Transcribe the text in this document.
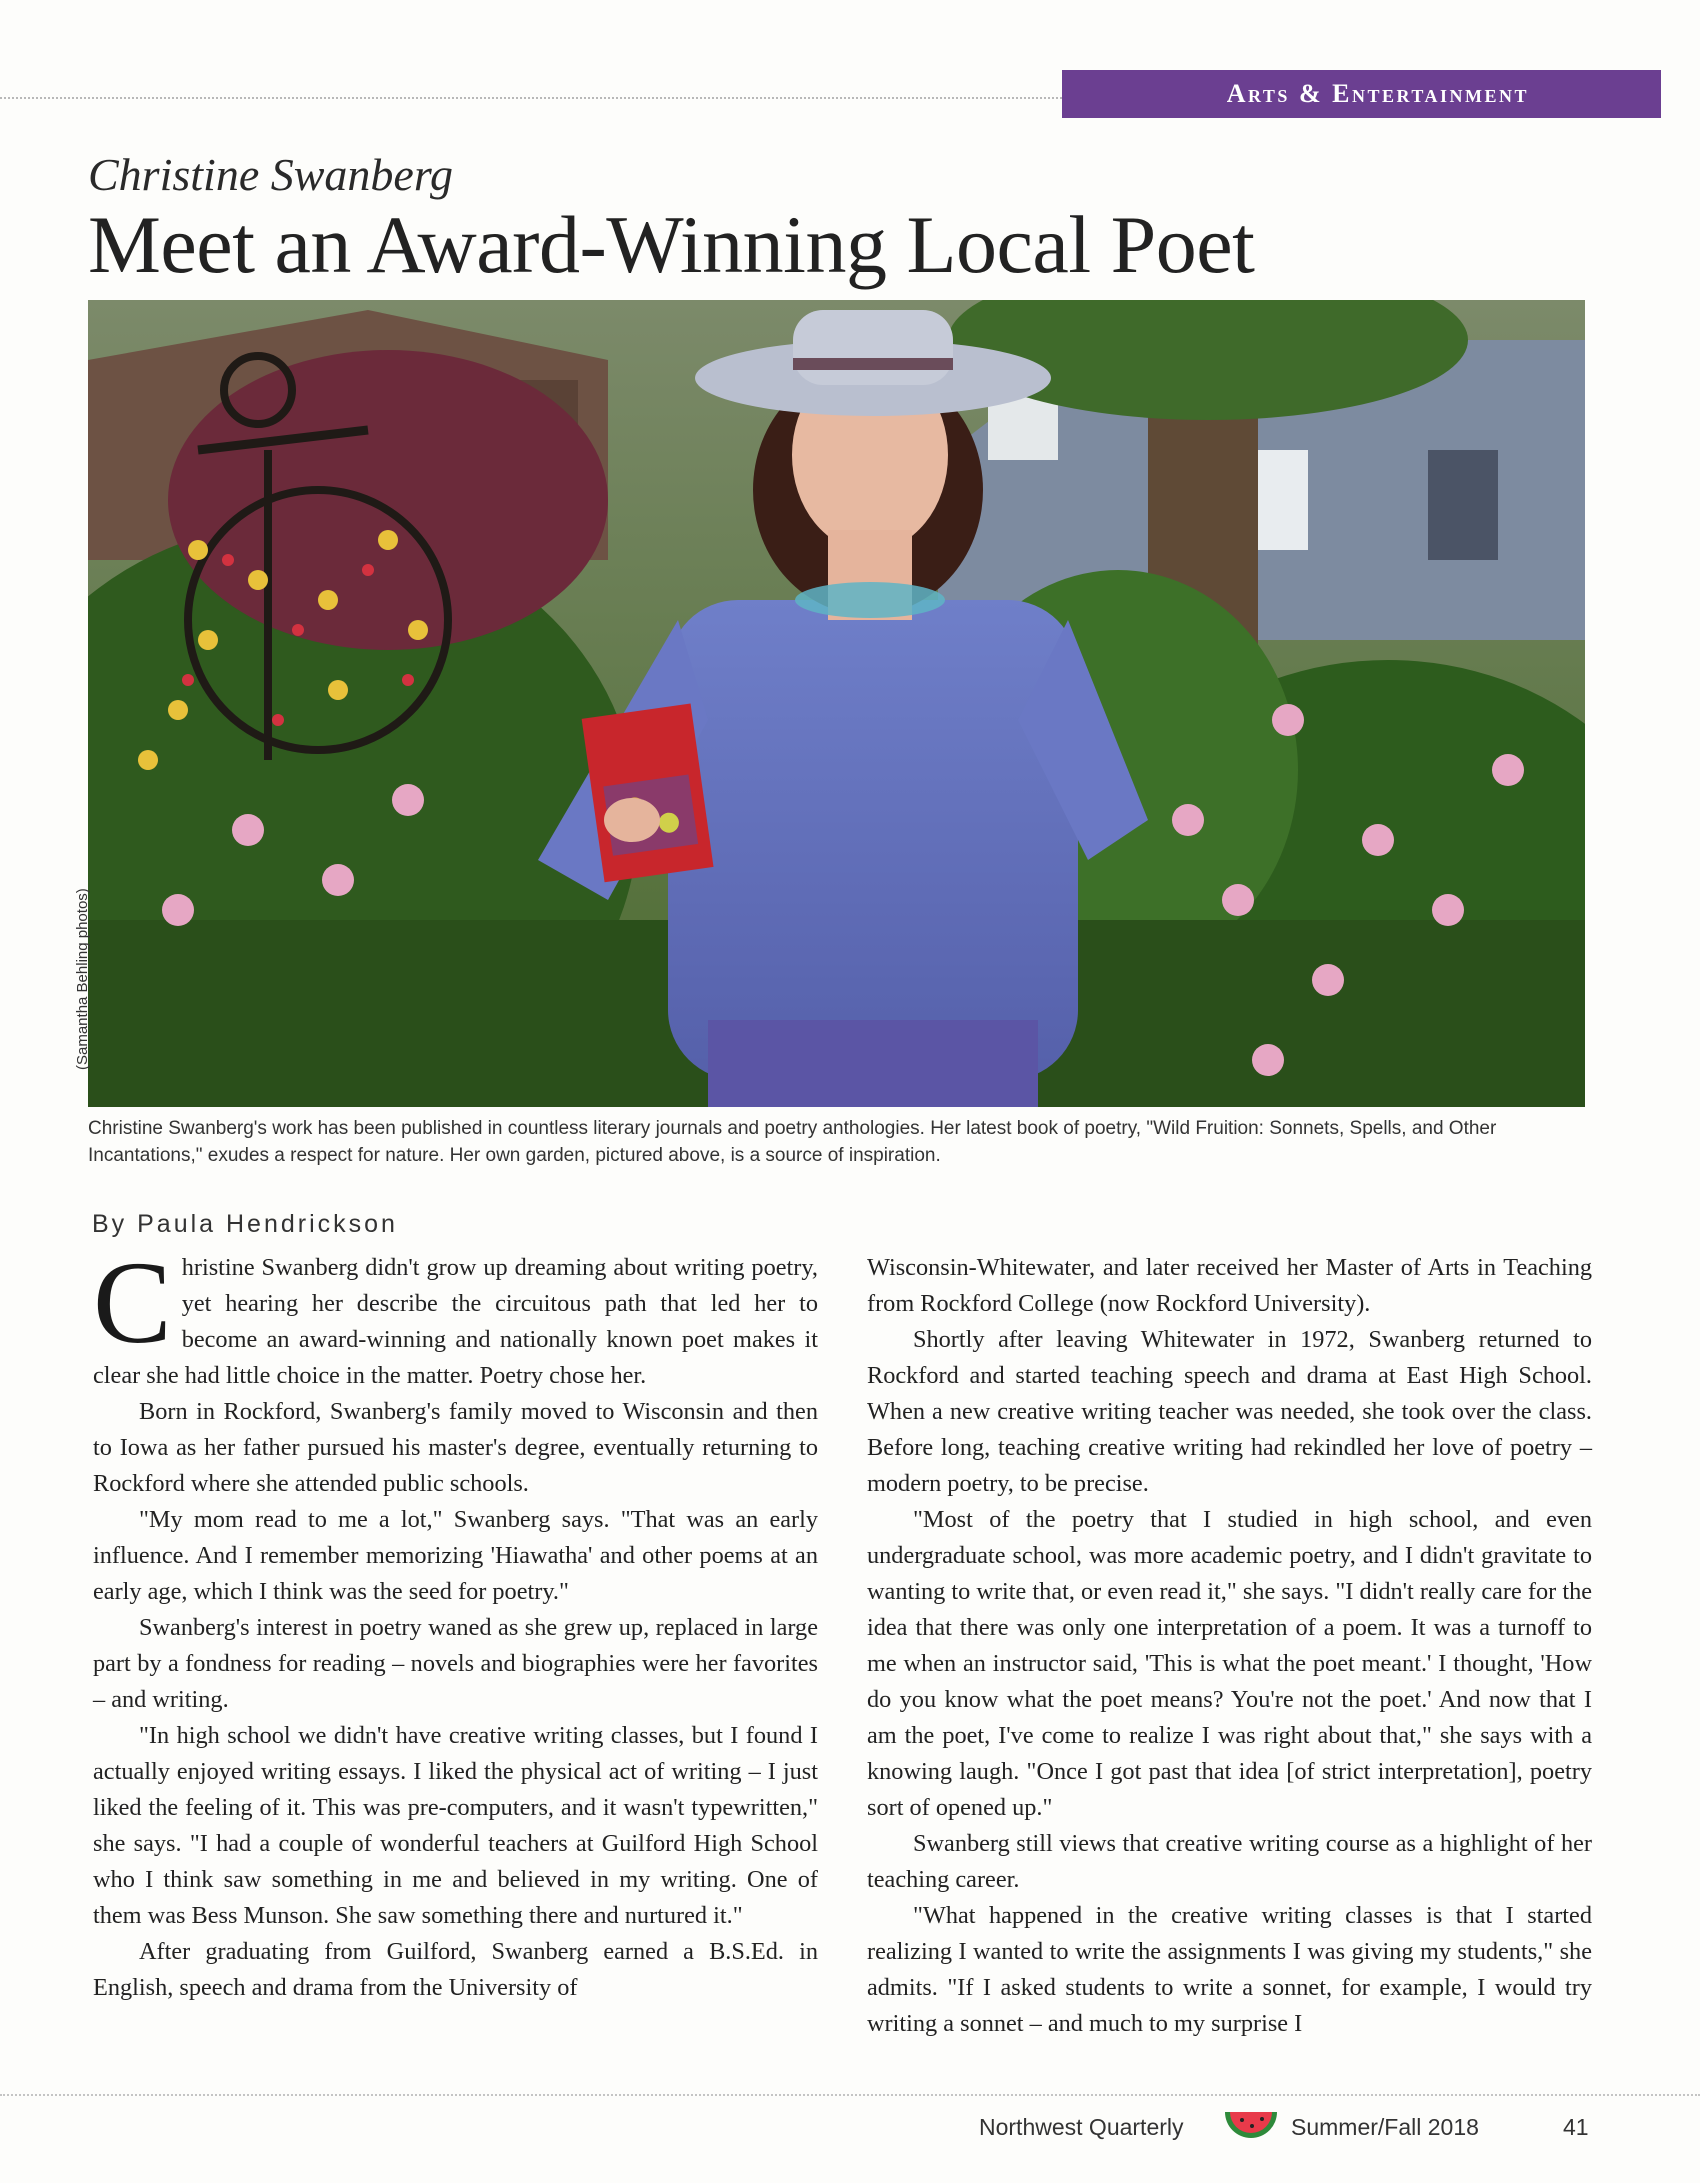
Arts & Entertainment
Christine Swanberg
Meet an Award-Winning Local Poet
(Samantha Behling photos)
Christine Swanberg's work has been published in countless literary journals and poetry anthologies. Her latest book of poetry, "Wild Fruition: Sonnets, Spells, and Other Incantations," exudes a respect for nature. Her own garden, pictured above, is a source of inspiration.
By Paula Hendrickson

Christine Swanberg didn't grow up dreaming about writing poetry, yet hearing her describe the circuitous path that led her to become an award-winning and nationally known poet makes it clear she had little choice in the matter. Poetry chose her.

Born in Rockford, Swanberg's family moved to Wisconsin and then to Iowa as her father pursued his master's degree, eventually returning to Rockford where she attended public schools.

"My mom read to me a lot," Swanberg says. "That was an early influence. And I remember memorizing 'Hiawatha' and other poems at an early age, which I think was the seed for poetry."

Swanberg's interest in poetry waned as she grew up, replaced in large part by a fondness for reading – novels and biographies were her favorites – and writing.

"In high school we didn't have creative writing classes, but I found I actually enjoyed writing essays. I liked the physical act of writing – I just liked the feeling of it. This was pre-computers, and it wasn't typewritten," she says. "I had a couple of wonderful teachers at Guilford High School who I think saw something in me and believed in my writing. One of them was Bess Munson. She saw something there and nurtured it."

After graduating from Guilford, Swanberg earned a B.S.Ed. in English, speech and drama from the University of

Wisconsin-Whitewater, and later received her Master of Arts in Teaching from Rockford College (now Rockford University).

Shortly after leaving Whitewater in 1972, Swanberg returned to Rockford and started teaching speech and drama at East High School. When a new creative writing teacher was needed, she took over the class. Before long, teaching creative writing had rekindled her love of poetry – modern poetry, to be precise.

"Most of the poetry that I studied in high school, and even undergraduate school, was more academic poetry, and I didn't gravitate to wanting to write that, or even read it," she says. "I didn't really care for the idea that there was only one interpretation of a poem. It was a turnoff to me when an instructor said, 'This is what the poet meant.' I thought, 'How do you know what the poet means? You're not the poet.' And now that I am the poet, I've come to realize I was right about that," she says with a knowing laugh. "Once I got past that idea [of strict interpretation], poetry sort of opened up."

Swanberg still views that creative writing course as a highlight of her teaching career.

"What happened in the creative writing classes is that I started realizing I wanted to write the assignments I was giving my students," she admits. "If I asked students to write a sonnet, for example, I would try writing a sonnet – and much to my surprise I

Northwest Quarterly	Summer/Fall 2018	41
